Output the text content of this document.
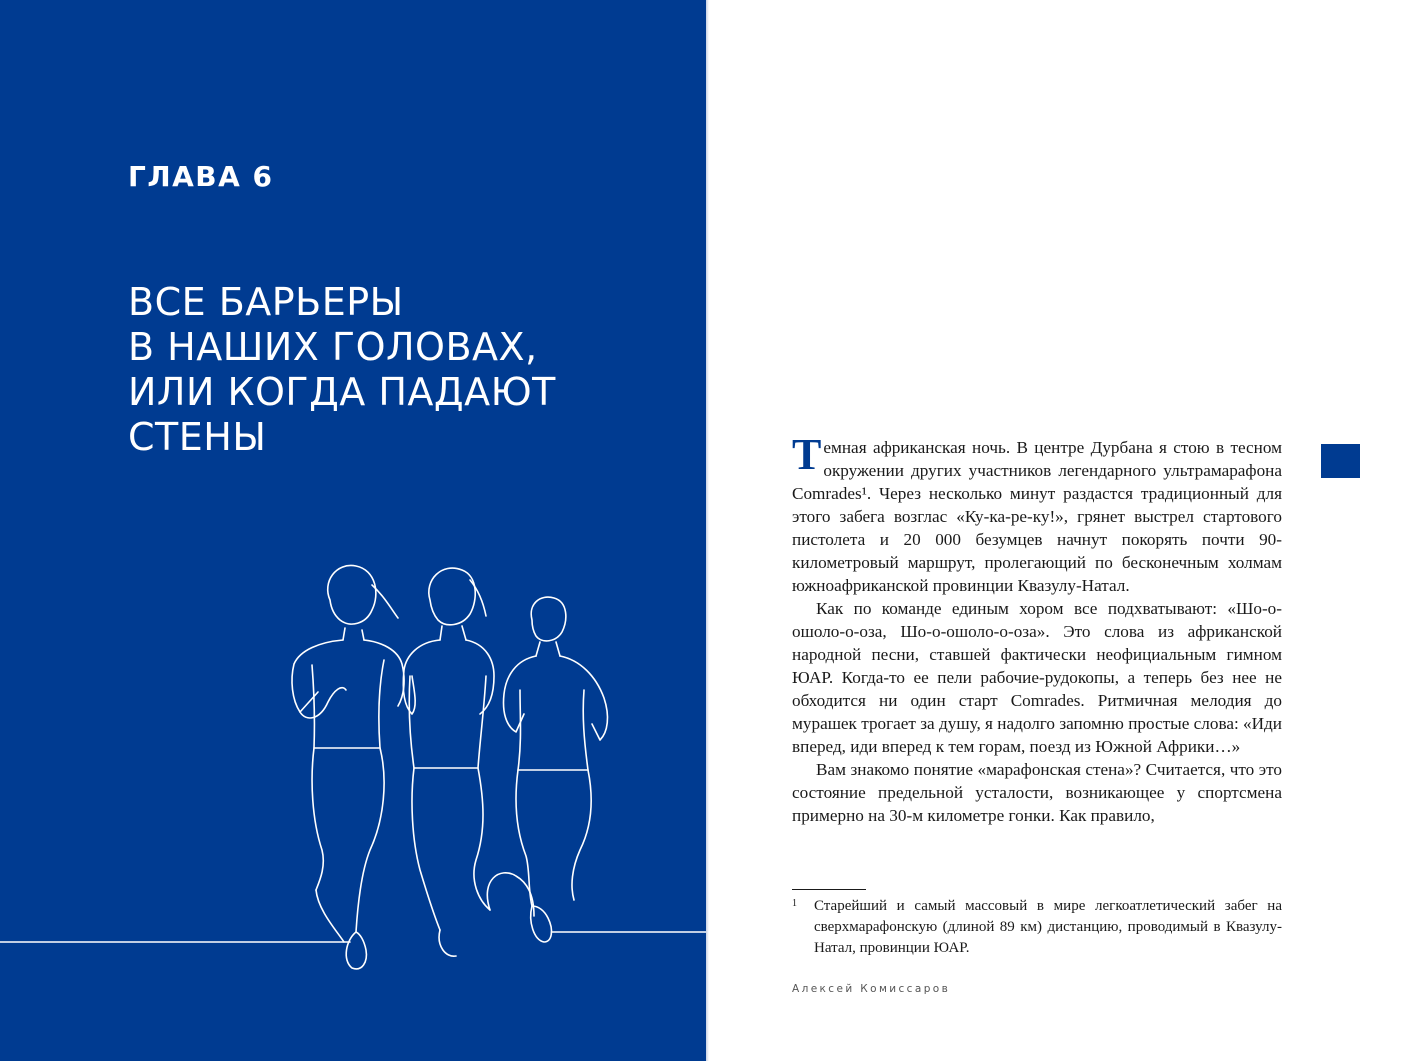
ГЛАВА 6
ВСЕ БАРЬЕРЫ
В НАШИХ ГОЛОВАХ,
ИЛИ КОГДА ПАДАЮТ
СТЕНЫ	Темная африканская ночь. В центре Дурбана я стою в тесном окружении других участников легендарного ультрамарафона Comrades¹. Через несколько минут раздастся традиционный для этого забега возглас «Ку-ка-ре-ку!», грянет выстрел стартового пистолета и 20 000 безумцев начнут покорять почти 90-километровый маршрут, пролегающий по бесконечным холмам южноафриканской провинции Квазулу-Натал.

Как по команде единым хором все подхватывают: «Шо-о-ошоло-о-оза, Шо-о-ошоло-о-оза». Это слова из африканской народной песни, ставшей фактически неофициальным гимном ЮАР. Когда-то ее пели рабочие-рудокопы, а теперь без нее не обходится ни один старт Comrades. Ритмичная мелодия до мурашек трогает за душу, я надолго запомню простые слова: «Иди вперед, иди вперед к тем горам, поезд из Южной Африки…»

Вам знакомо понятие «марафонская стена»? Считается, что это состояние предельной усталости, возникающее у спортсмена примерно на 30-м километре гонки. Как правило,

1 Старейший и самый массовый в мире легкоатлетический забег на сверхмарафонскую (длиной 89 км) дистанцию, проводимый в Квазулу-Натал, провинции ЮАР.
Алексей Комиссаров
